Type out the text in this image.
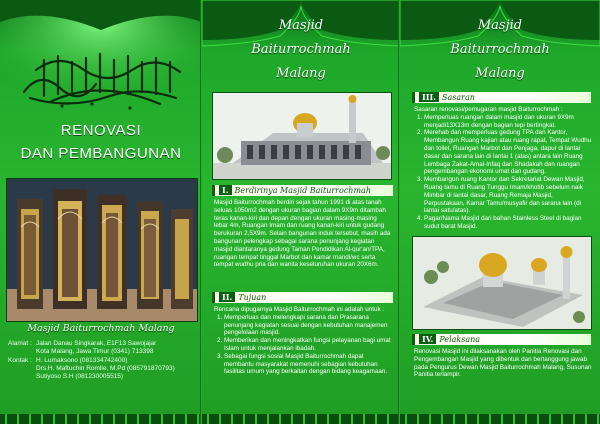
RENOVASI
DAN PEMBANGUNAN
Masjid Baiturrochmah Malang
Alamat : Jalan Danau Singkarak, E1F13 Sawojajar
Kota Malang, Jawa Timur (0341) 713398
Kontak : H. Lumaksono (081334742400)
Drs.H. Maftuchin Romlie, M.Pd (085791870793)
Sutiyoso S.H (081230005515)
Masjid
Baiturrochmah
Malang
I. Berdirinya Masjid Baiturrochmah
Masjid Baiturrochmah berdiri sejak tahun 1991 di atas tanah seluas 1050m2 dengan ukuran bagian dalam 9X9m ditambah teras kanan-kiri dan depan dengan ukuran masing-masing lebar 4m, Ruangan Imam dan ruang kanan-kiri untuk gudang berukuran 2,5X9m. Selain bangunan induk tersebut, masih ada bangunan pelengkap sebagai sarana penunjang kegiatan masjid diantaranya gedung Taman Pendidikan Al-qur'an/TPA, ruangan tempat tinggal Marbot dan kamar mandi/wc serta tempat wudhu pria dan wanita keseluruhan ukuran 20X6m.
II. Tujuan
Rencana dipugarnya Masjid Baiturrochmah ini adalah untuk :
1. Memperluas dan melengkapi sarana dan Prasarana penunjang kegiatan sesuai dengan kebutuhan manajemen pengelolaan masjid.
2. Memberikan dan meningkatkan fungsi pelayanan bagi umat Islam untuk menjalankan ibadah.
3. Sebagai fungsi sosial Masjid Baiturrochmah dapat membantu masyarakat memenuhi sebagian kebutuhan fasilitas umum yang berkaitan dengan bidang keagamaan.
Masjid
Baiturrochmah
Malang
III. Sasaran
Sasaran renovasi/pemugaran masjid Baiturrochmah :
1. Memperluas ruangan dalam masjid dan ukuran 9X9m menjadi13X13m dengan bagian tepi bertingkat.
2. Merehab dan memperluas gedung TPA dan Kantor, Membangun Ruang kajian atau ruang rapat, Tempat Wudhu dan toilet, Ruangan Marbot dan Penjaga, dapur di lantai dasar dan sarana lain di lantai 1 (atas) antara lain Ruang Lembaga Zakat-Amal-Infaq dan Shadakah dan ruangan pengembangan ekonomi umat dan gudang.
3. Membangun ruang Kantor dan Sekretariat Dewan Masjid, Ruang tamu di Ruang Tunggu Imam/khotib sebelum naik Mimbar di lantai dasar, Ruang Remaja Masjid, Perpustakaan, Kamar Tamu/musyafir dan sarana lain (di lantai satu/atas).
4. Pagar/Nama Masjid dari bahan Stainless Steel di bagian sudut barat Masjid.
IV. Pelaksana
Renovasi Masjid ini dilaksanakan oleh Panitia Renovasi dan Pengembangan Masjid yang dibentuk dan bertanggung jawab pada Pengurus Dewan Masjid Baiturrochmah Malang, Susunan Panitia terlampir.
